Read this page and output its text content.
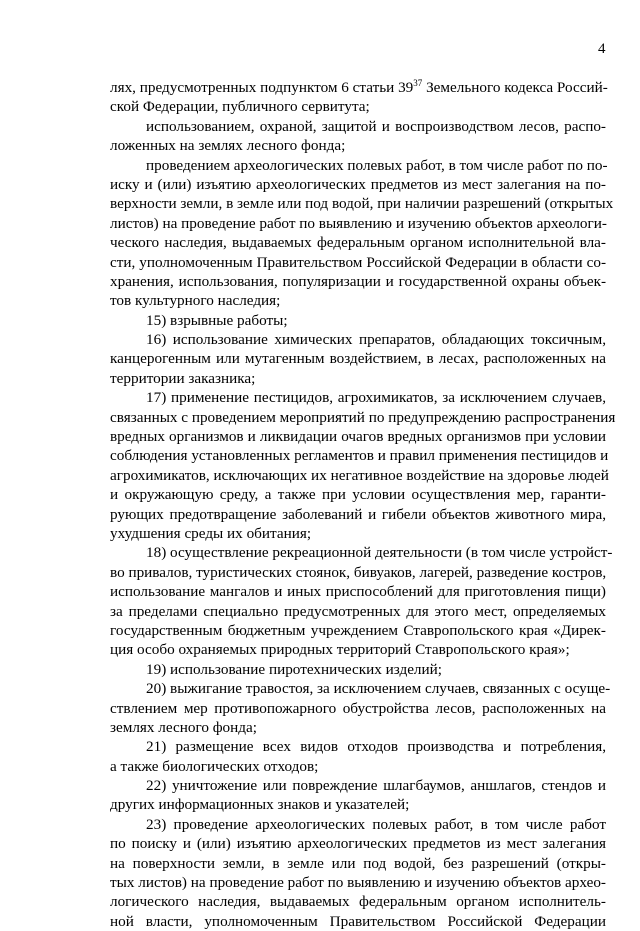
4
лях, предусмотренных подпунктом 6 статьи $39^{37}$ Земельного кодекса Россий-
ской Федерации, публичного сервитута;
использованием, охраной, защитой и воспроизводством лесов, распо-
ложенных на землях лесного фонда;
проведением археологических полевых работ, в том числе работ по по-
иску и (или) изъятию археологических предметов из мест залегания на по-
верхности земли, в земле или под водой, при наличии разрешений (открытых
листов) на проведение работ по выявлению и изучению объектов археологи-
ческого наследия, выдаваемых федеральным органом исполнительной вла-
сти, уполномоченным Правительством Российской Федерации в области со-
хранения, использования, популяризации и государственной охраны объек-
тов культурного наследия;
15) взрывные работы;
16) использование химических препаратов, обладающих токсичным,
канцерогенным или мутагенным воздействием, в лесах, расположенных на
территории заказника;
17) применение пестицидов, агрохимикатов, за исключением случаев,
связанных с проведением мероприятий по предупреждению распространения
вредных организмов и ликвидации очагов вредных организмов при условии
соблюдения установленных регламентов и правил применения пестицидов и
агрохимикатов, исключающих их негативное воздействие на здоровье людей
и окружающую среду, а также при условии осуществления мер, гаранти-
рующих предотвращение заболеваний и гибели объектов животного мира,
ухудшения среды их обитания;
18) осуществление рекреационной деятельности (в том числе устройст-
во привалов, туристических стоянок, бивуаков, лагерей, разведение костров,
использование мангалов и иных приспособлений для приготовления пищи)
за пределами специально предусмотренных для этого мест, определяемых
государственным бюджетным учреждением Ставропольского края «Дирек-
ция особо охраняемых природных территорий Ставропольского края»;
19) использование пиротехнических изделий;
20) выжигание травостоя, за исключением случаев, связанных с осуще-
ствлением мер противопожарного обустройства лесов, расположенных на
землях лесного фонда;
21) размещение всех видов отходов производства и потребления,
а также биологических отходов;
22) уничтожение или повреждение шлагбаумов, аншлагов, стендов и
других информационных знаков и указателей;
23) проведение археологических полевых работ, в том числе работ
по поиску и (или) изъятию археологических предметов из мест залегания
на поверхности земли, в земле или под водой, без разрешений (откры-
тых листов) на проведение работ по выявлению и изучению объектов архео-
логического наследия, выдаваемых федеральным органом исполнитель-
ной власти, уполномоченным Правительством Российской Федерации
